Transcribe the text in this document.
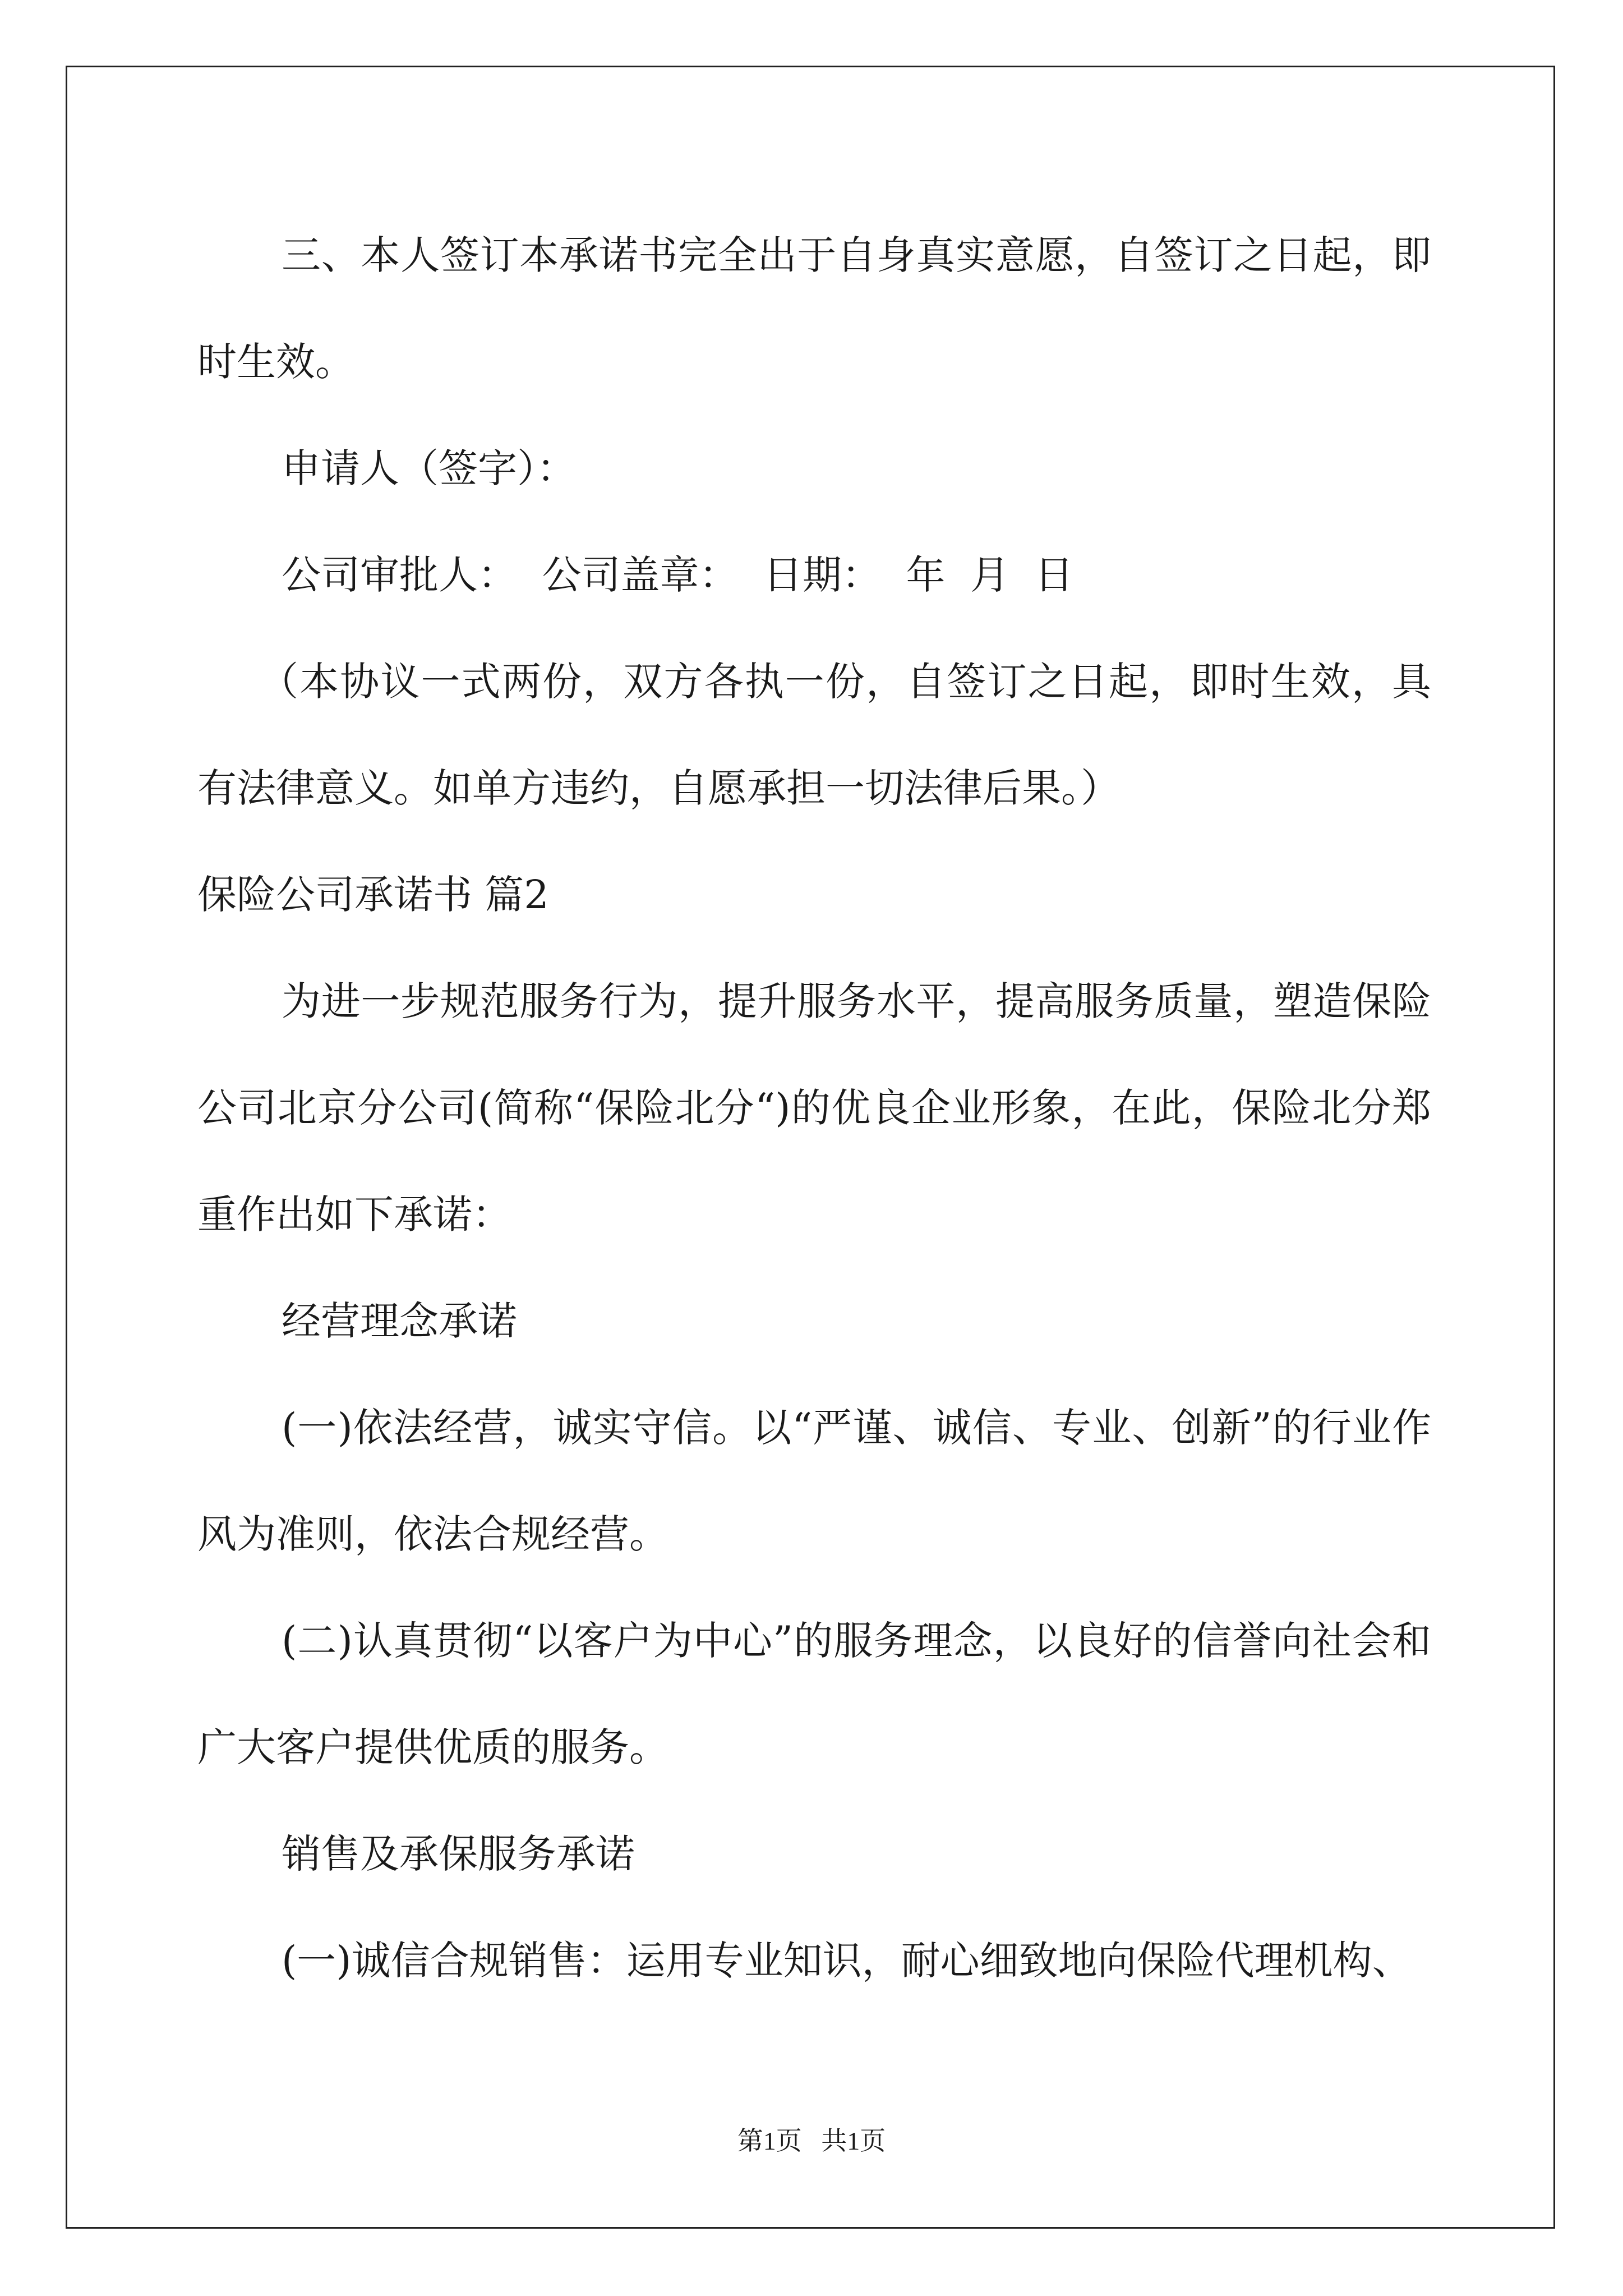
三、本人签订本承诺书完全出于自身真实意愿，自签订之日起，即时生效。

申请人（签字）：

公司审批人：  公司盖章：  日期：  年  月  日

（本协议一式两份，双方各执一份，自签订之日起，即时生效，具有法律意义。如单方违约，自愿承担一切法律后果。）

保险公司承诺书 篇2

为进一步规范服务行为，提升服务水平，提高服务质量，塑造保险公司北京分公司(简称“保险北分“)的优良企业形象，在此，保险北分郑重作出如下承诺：

经营理念承诺

(一)依法经营，诚实守信。以“严谨、诚信、专业、创新”的行业作风为准则，依法合规经营。

(二)认真贯彻“以客户为中心”的服务理念，以良好的信誉向社会和广大客户提供优质的服务。

销售及承保服务承诺

(一)诚信合规销售：运用专业知识，耐心细致地向保险代理机构、

第1页   共1页
